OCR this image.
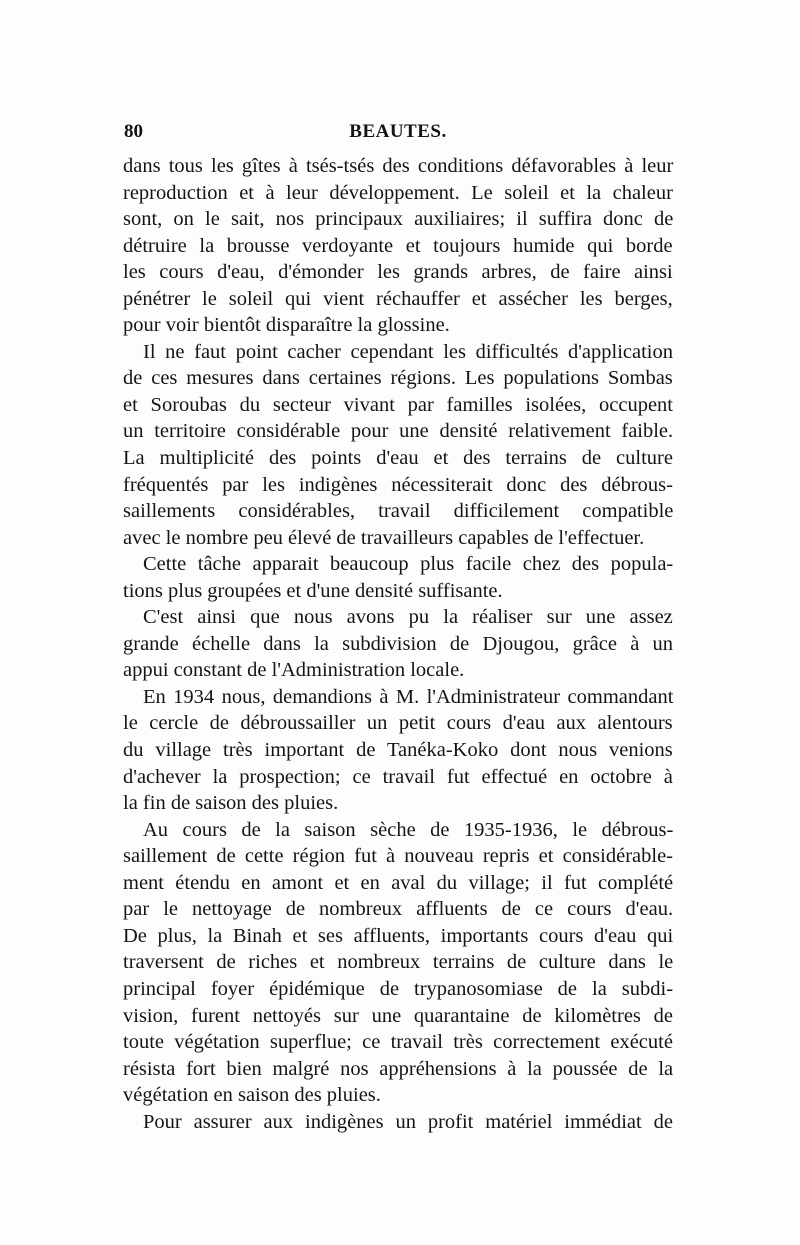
80	BEAUTES.
dans tous les gîtes à tsés-tsés des conditions défavorables à leur
reproduction et à leur développement. Le soleil et la chaleur
sont, on le sait, nos principaux auxiliaires; il suffira donc de
détruire la brousse verdoyante et toujours humide qui borde
les cours d'eau, d'émonder les grands arbres, de faire ainsi
pénétrer le soleil qui vient réchauffer et assécher les berges,
pour voir bientôt disparaître la glossine.
Il ne faut point cacher cependant les difficultés d'application
de ces mesures dans certaines régions. Les populations Sombas
et Soroubas du secteur vivant par familles isolées, occupent
un territoire considérable pour une densité relativement faible.
La multiplicité des points d'eau et des terrains de culture
fréquentés par les indigènes nécessiterait donc des débrous-
saillements considérables, travail difficilement compatible
avec le nombre peu élevé de travailleurs capables de l'effectuer.
Cette tâche apparait beaucoup plus facile chez des popula-
tions plus groupées et d'une densité suffisante.
C'est ainsi que nous avons pu la réaliser sur une assez
grande échelle dans la subdivision de Djougou, grâce à un
appui constant de l'Administration locale.
En 1934 nous, demandions à M. l'Administrateur commandant
le cercle de débroussailler un petit cours d'eau aux alentours
du village très important de Tanéka-Koko dont nous venions
d'achever la prospection; ce travail fut effectué en octobre à
la fin de saison des pluies.
Au cours de la saison sèche de 1935-1936, le débrous-
saillement de cette région fut à nouveau repris et considérable-
ment étendu en amont et en aval du village; il fut complété
par le nettoyage de nombreux affluents de ce cours d'eau.
De plus, la Binah et ses affluents, importants cours d'eau qui
traversent de riches et nombreux terrains de culture dans le
principal foyer épidémique de trypanosomiase de la subdi-
vision, furent nettoyés sur une quarantaine de kilomètres de
toute végétation superflue; ce travail très correctement exécuté
résista fort bien malgré nos appréhensions à la poussée de la
végétation en saison des pluies.
Pour assurer aux indigènes un profit matériel immédiat de
